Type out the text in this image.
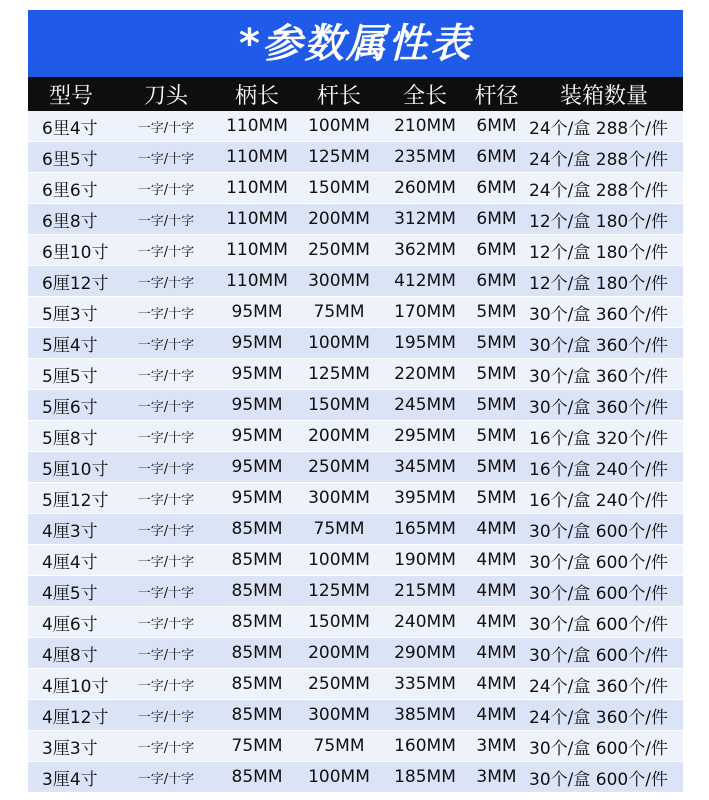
*参数属性表
型号	刀头	柄长	杆长	全长	杆径	装箱数量
6里4寸	一字/十字	110MM	100MM	210MM	6MM	24个/盒 288个/件
6里5寸	一字/十字	110MM	125MM	235MM	6MM	24个/盒 288个/件
6里6寸	一字/十字	110MM	150MM	260MM	6MM	24个/盒 288个/件
6里8寸	一字/十字	110MM	200MM	312MM	6MM	12个/盒 180个/件
6里10寸	一字/十字	110MM	250MM	362MM	6MM	12个/盒 180个/件
6厘12寸	一字/十字	110MM	300MM	412MM	6MM	12个/盒 180个/件
5厘3寸	一字/十字	95MM	75MM	170MM	5MM	30个/盒 360个/件
5厘4寸	一字/十字	95MM	100MM	195MM	5MM	30个/盒 360个/件
5厘5寸	一字/十字	95MM	125MM	220MM	5MM	30个/盒 360个/件
5厘6寸	一字/十字	95MM	150MM	245MM	5MM	30个/盒 360个/件
5厘8寸	一字/十字	95MM	200MM	295MM	5MM	16个/盒 320个/件
5厘10寸	一字/十字	95MM	250MM	345MM	5MM	16个/盒 240个/件
5厘12寸	一字/十字	95MM	300MM	395MM	5MM	16个/盒 240个/件
4厘3寸	一字/十字	85MM	75MM	165MM	4MM	30个/盒 600个/件
4厘4寸	一字/十字	85MM	100MM	190MM	4MM	30个/盒 600个/件
4厘5寸	一字/十字	85MM	125MM	215MM	4MM	30个/盒 600个/件
4厘6寸	一字/十字	85MM	150MM	240MM	4MM	30个/盒 600个/件
4厘8寸	一字/十字	85MM	200MM	290MM	4MM	30个/盒 600个/件
4厘10寸	一字/十字	85MM	250MM	335MM	4MM	24个/盒 360个/件
4厘12寸	一字/十字	85MM	300MM	385MM	4MM	24个/盒 360个/件
3厘3寸	一字/十字	75MM	75MM	160MM	3MM	30个/盒 600个/件
3厘4寸	一字/十字	85MM	100MM	185MM	3MM	30个/盒 600个/件
